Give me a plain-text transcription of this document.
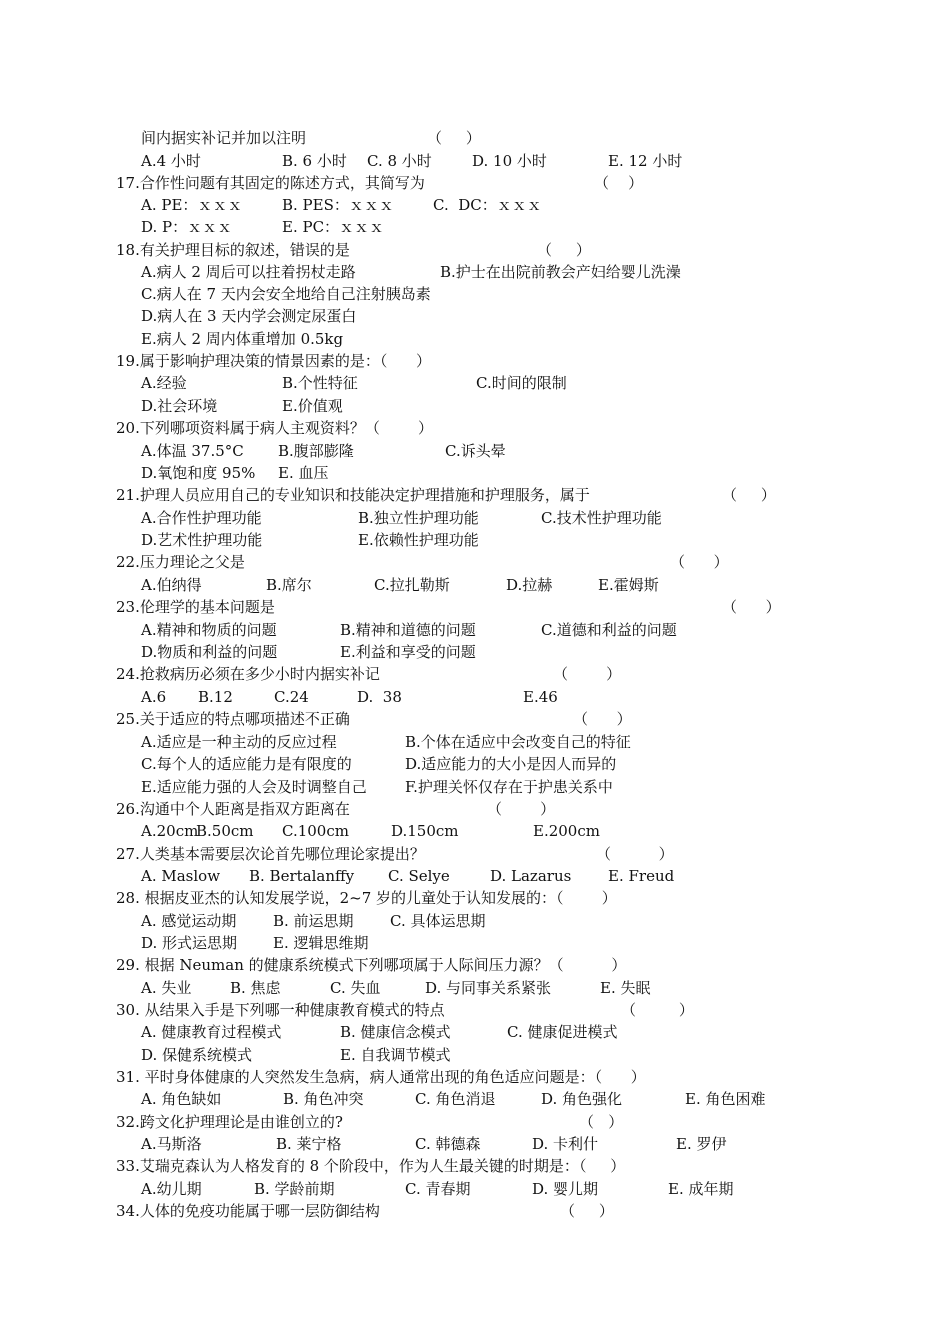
间内据实补记并加以注明	（     ）
A.4 小时	B. 6 小时 C. 8 小时	D. 10 小时	E. 12 小时
17.合作性问题有其固定的陈述方式，其简写为	（    ）
A. PE：ｘｘｘ	B. PES：ｘｘｘ	C.  DC：ｘｘｘ
D. P：ｘｘｘ	E. PC：ｘｘｘ
18.有关护理目标的叙述，错误的是	（     ）
A.病人 2 周后可以拄着拐杖走路	B.护士在出院前教会产妇给婴儿洗澡
C.病人在 7 天内会安全地给自己注射胰岛素
D.病人在 3 天内学会测定尿蛋白
E.病人 2 周内体重增加 0.5kg
19.属于影响护理决策的情景因素的是：（      ）
A.经验	B.个性特征	C.时间的限制
D.社会环境	E.价值观
20.下列哪项资料属于病人主观资料？（        ）
A.体温 37.5°C B.腹部膨隆	C.诉头晕
D.氧饱和度 95% E. 血压
21.护理人员应用自己的专业知识和技能决定护理措施和护理服务，属于	（     ）
A.合作性护理功能	B.独立性护理功能	C.技术性护理功能
D.艺术性护理功能	E.依赖性护理功能
22.压力理论之父是	（      ）
A.伯纳得	B.席尔	C.拉扎勒斯	D.拉赫	E.霍姆斯
23.伦理学的基本问题是	（      ）
A.精神和物质的问题	B.精神和道德的问题	C.道德和利益的问题
D.物质和利益的问题	E.利益和享受的问题
24.抢救病历必须在多少小时内据实补记	（        ）
A.6 B.12	C.24	D.  38	E.46
25.关于适应的特点哪项描述不正确	（      ）
A.适应是一种主动的反应过程	B.个体在适应中会改变自己的特征
C.每个人的适应能力是有限度的	D.适应能力的大小是因人而异的
E.适应能力强的人会及时调整自己	F.护理关怀仅存在于护患关系中
26.沟通中个人距离是指双方距离在	（        ）
A.20cm
B.50cm C.100cm	D.150cm	E.200cm
27.人类基本需要层次论首先哪位理论家提出？	（          ）
A. Maslow B. Bertalanffy C. Selye	D. Lazarus E. Freud
28. 根据皮亚杰的认知发展学说，2~7 岁的儿童处于认知发展的：（        ）
A. 感觉运动期 B. 前运思期 C. 具体运思期
D. 形式运思期 E. 逻辑思维期
29. 根据 Neuman 的健康系统模式下列哪项属于人际间压力源？（          ）
A. 失业	B. 焦虑	C. 失血	D. 与同事关系紧张	E. 失眠
30. 从结果入手是下列哪一种健康教育模式的特点	（         ）
A. 健康教育过程模式	B. 健康信念模式	C. 健康促进模式
D. 保健系统模式	E. 自我调节模式
31. 平时身体健康的人突然发生急病，病人通常出现的角色适应问题是：（      ）
A. 角色缺如	B. 角色冲突	C. 角色消退	D. 角色强化	E. 角色困难
32.跨文化护理理论是由谁创立的?	（   ）
A.马斯洛	B. 莱宁格	C. 韩德森	D. 卡利什	E. 罗伊
33.艾瑞克森认为人格发育的 8 个阶段中，作为人生最关键的时期是：（     ）
A.幼儿期	B. 学龄前期	C. 青春期	D. 婴儿期	E. 成年期
34.人体的免疫功能属于哪一层防御结构	（     ）
